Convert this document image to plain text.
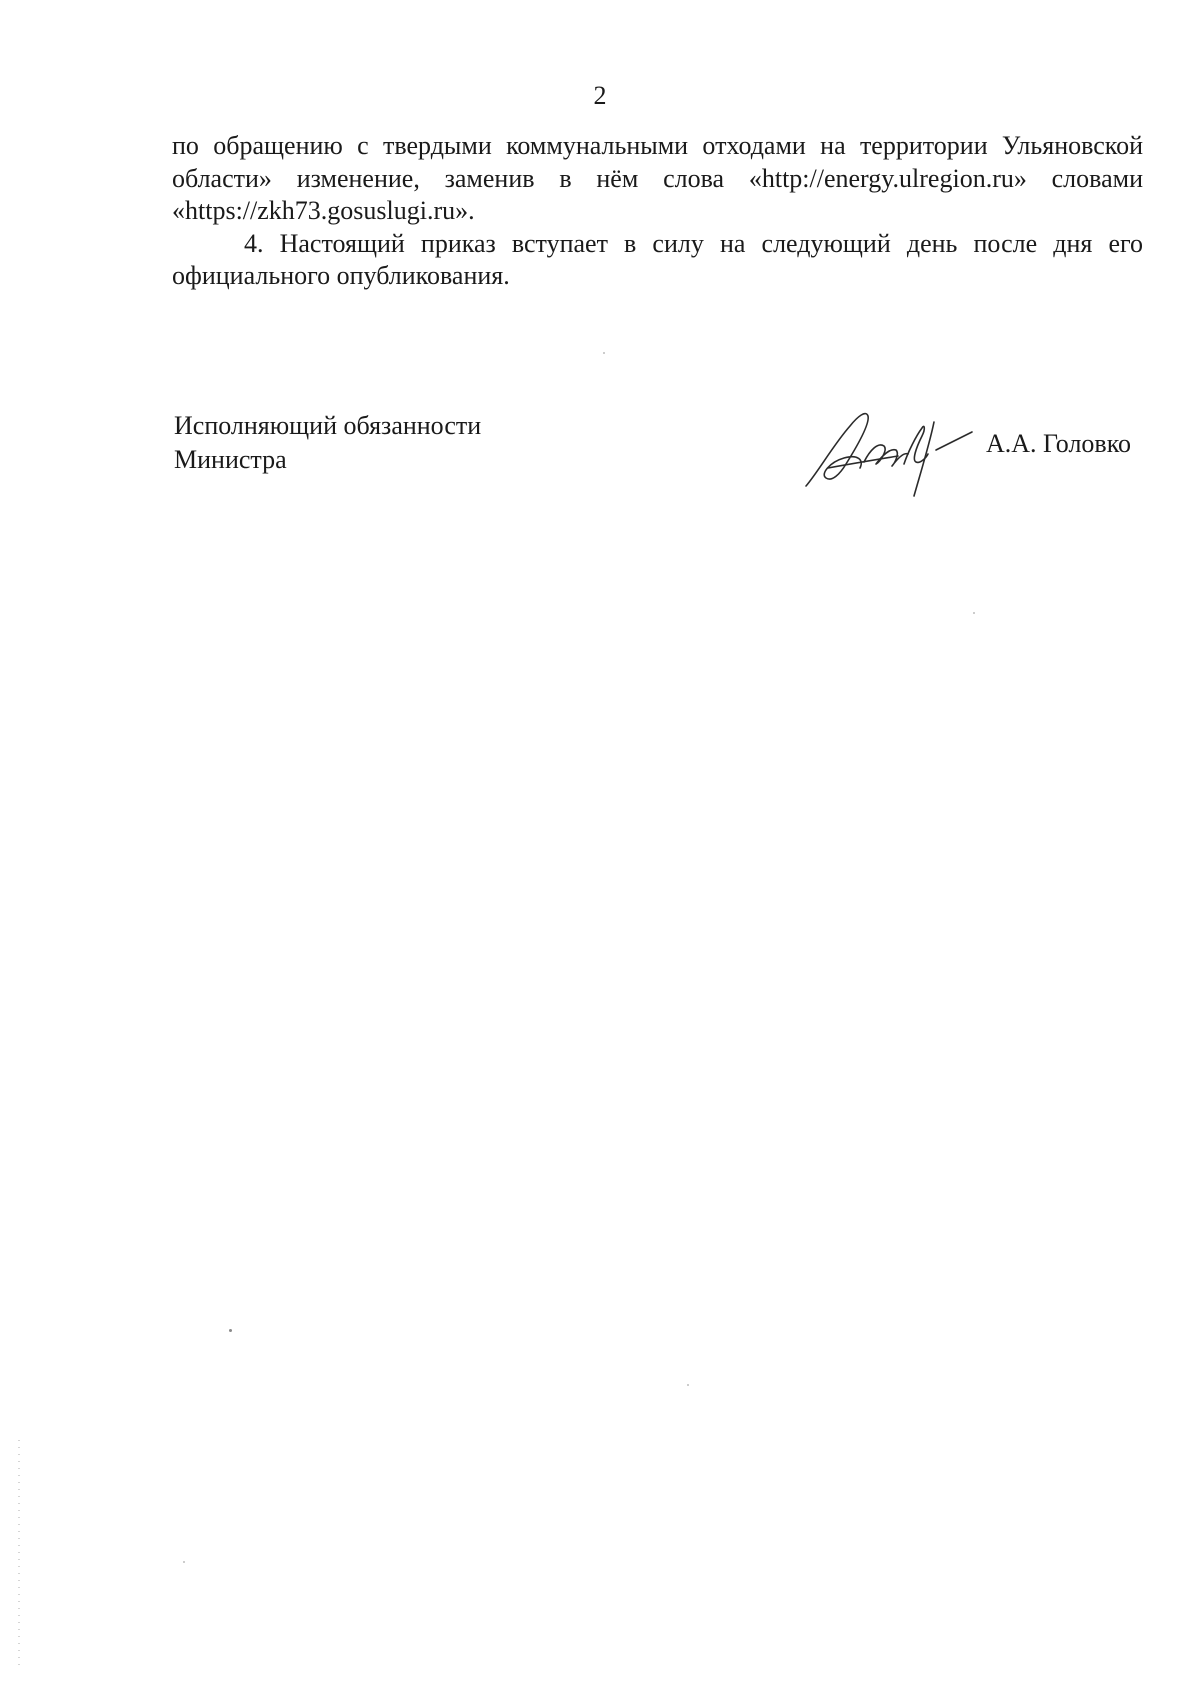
2

по обращению с твердыми коммунальными отходами на территории Ульяновской области» изменение, заменив в нём слова «http://energy.ulregion.ru» словами «https://zkh73.gosuslugi.ru».

4. Настоящий приказ вступает в силу на следующий день после дня его официального опубликования.

Исполняющий обязанности
Министра
А.А. Головко
